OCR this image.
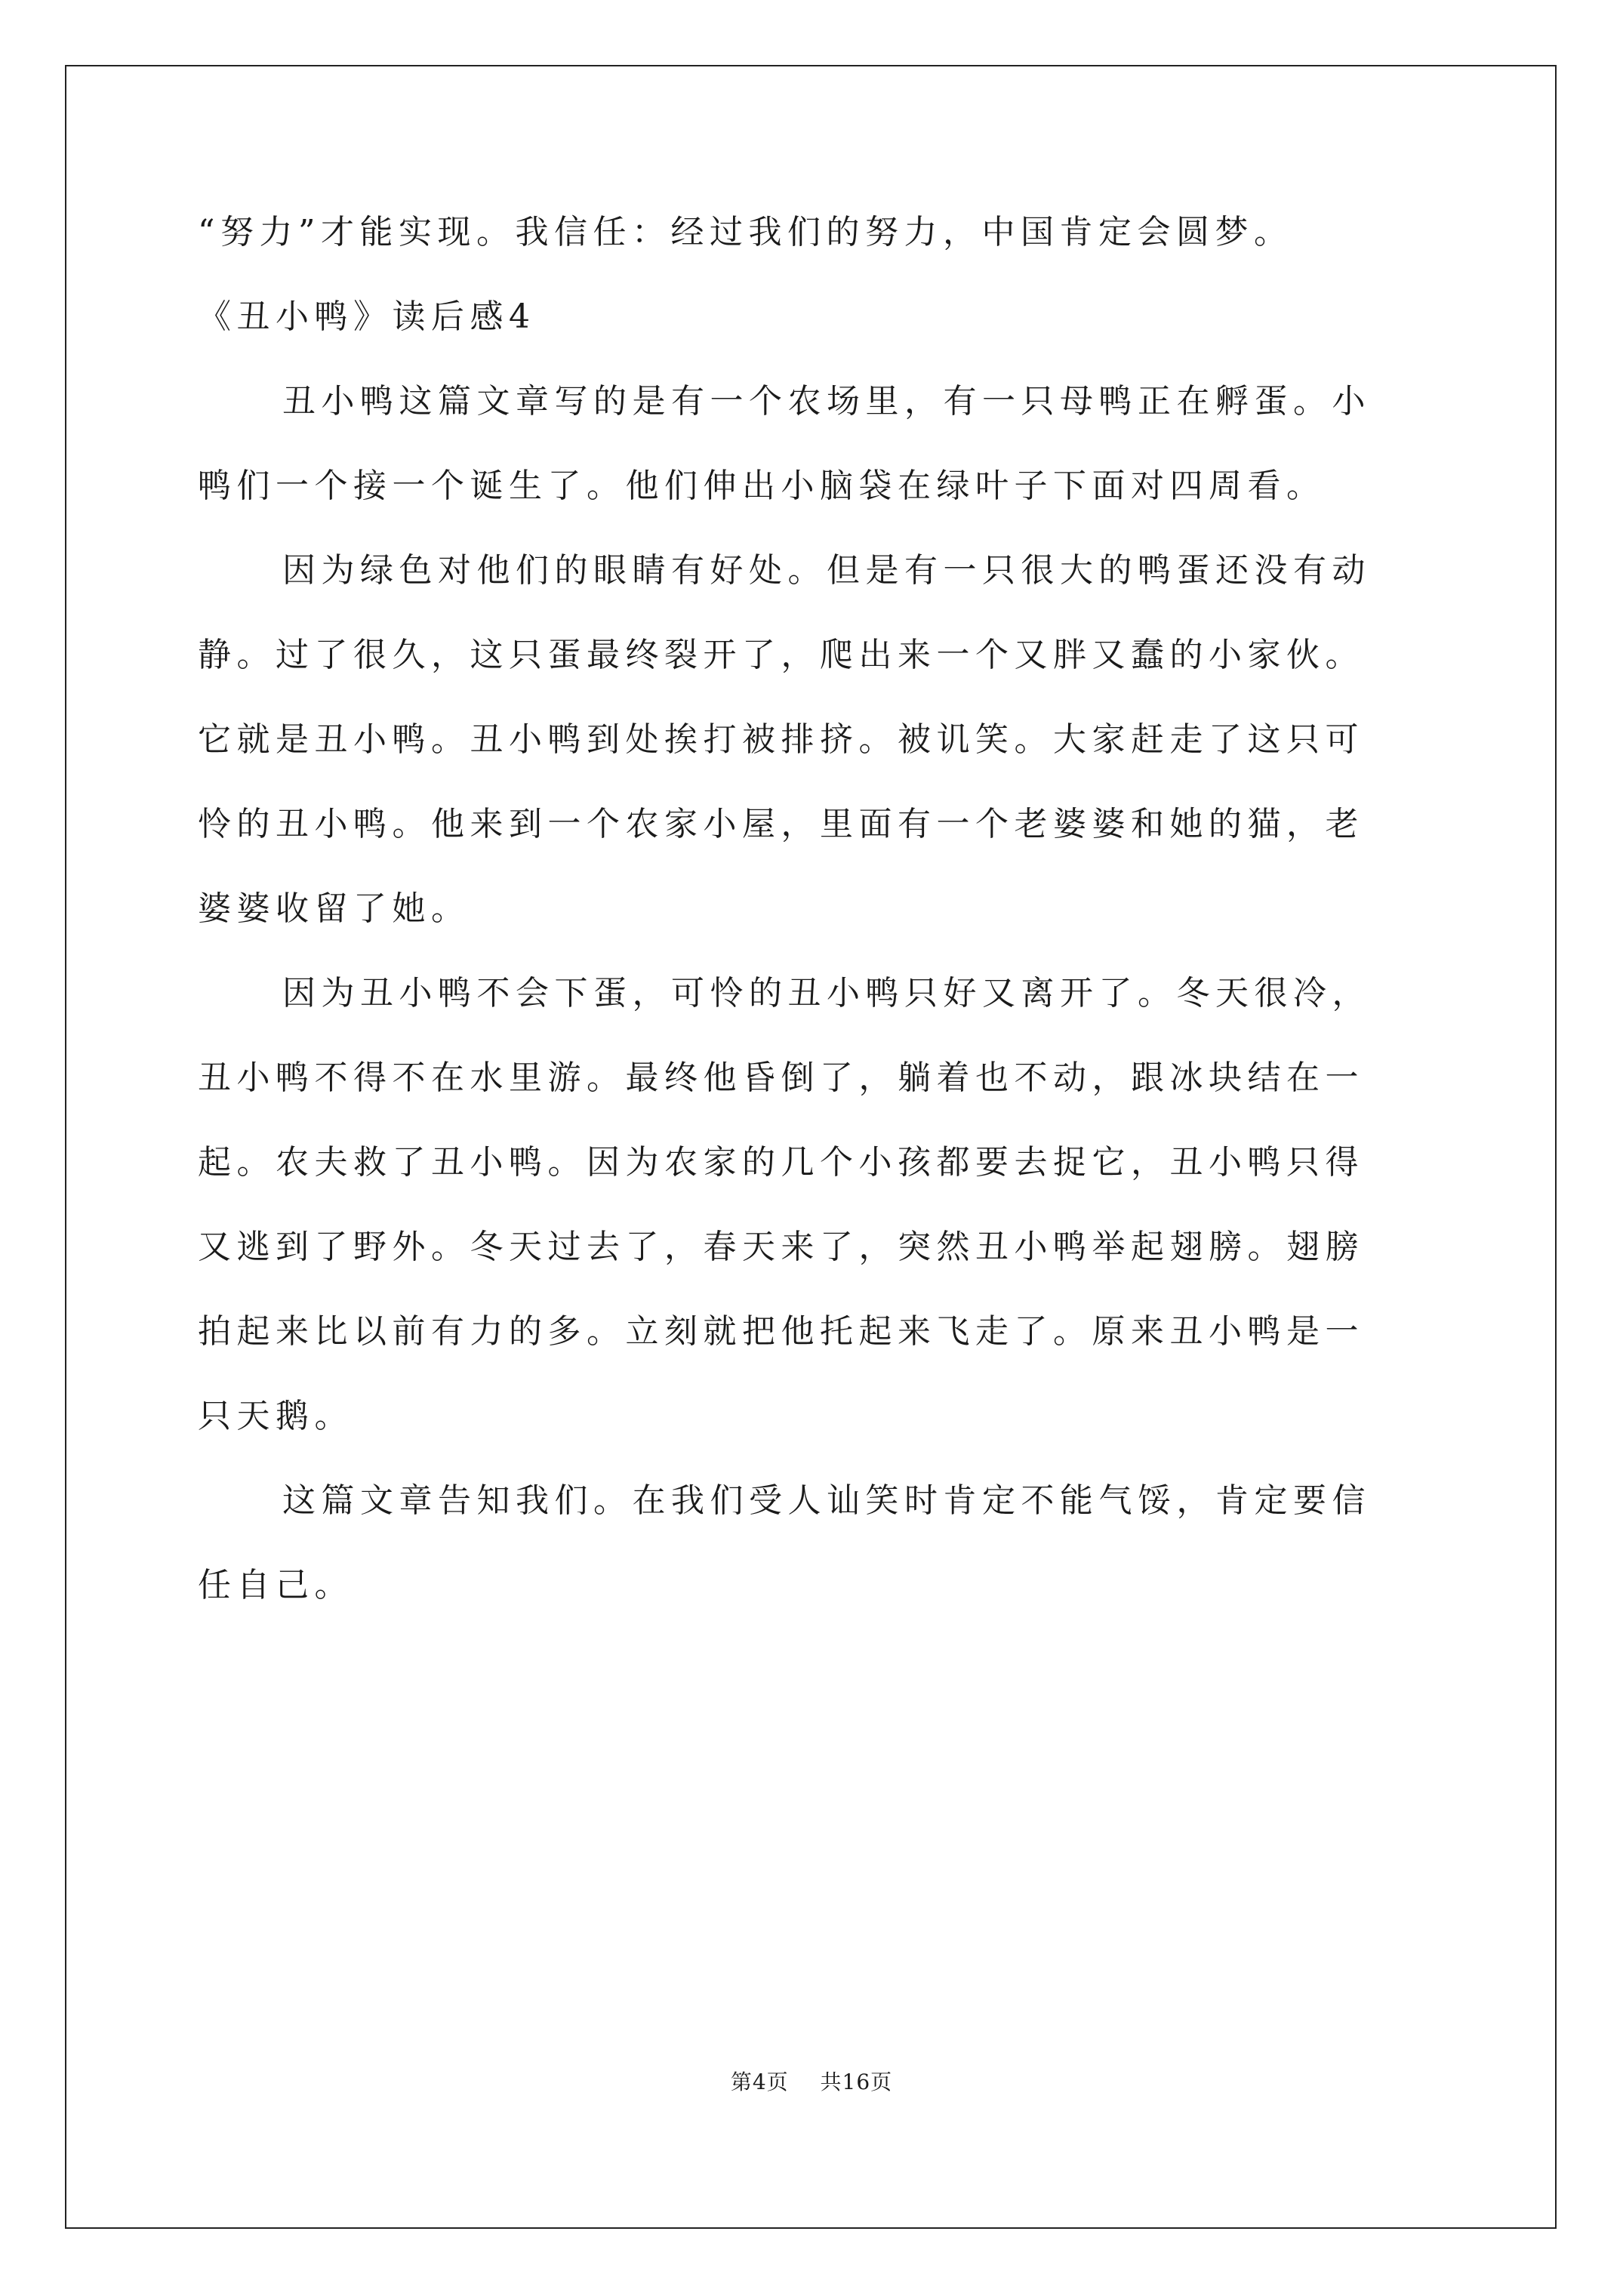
“努力”才能实现。我信任：经过我们的努力，中国肯定会圆梦。
《丑小鸭》读后感4
丑小鸭这篇文章写的是有一个农场里，有一只母鸭正在孵蛋。小
鸭们一个接一个诞生了。他们伸出小脑袋在绿叶子下面对四周看。
因为绿色对他们的眼睛有好处。但是有一只很大的鸭蛋还没有动
静。过了很久，这只蛋最终裂开了，爬出来一个又胖又蠢的小家伙。
它就是丑小鸭。丑小鸭到处挨打被排挤。被讥笑。大家赶走了这只可
怜的丑小鸭。他来到一个农家小屋，里面有一个老婆婆和她的猫，老
婆婆收留了她。
因为丑小鸭不会下蛋，可怜的丑小鸭只好又离开了。冬天很冷，
丑小鸭不得不在水里游。最终他昏倒了，躺着也不动，跟冰块结在一
起。农夫救了丑小鸭。因为农家的几个小孩都要去捉它，丑小鸭只得
又逃到了野外。冬天过去了，春天来了，突然丑小鸭举起翅膀。翅膀
拍起来比以前有力的多。立刻就把他托起来飞走了。原来丑小鸭是一
只天鹅。
这篇文章告知我们。在我们受人讪笑时肯定不能气馁，肯定要信
任自己。
第4页 共16页
